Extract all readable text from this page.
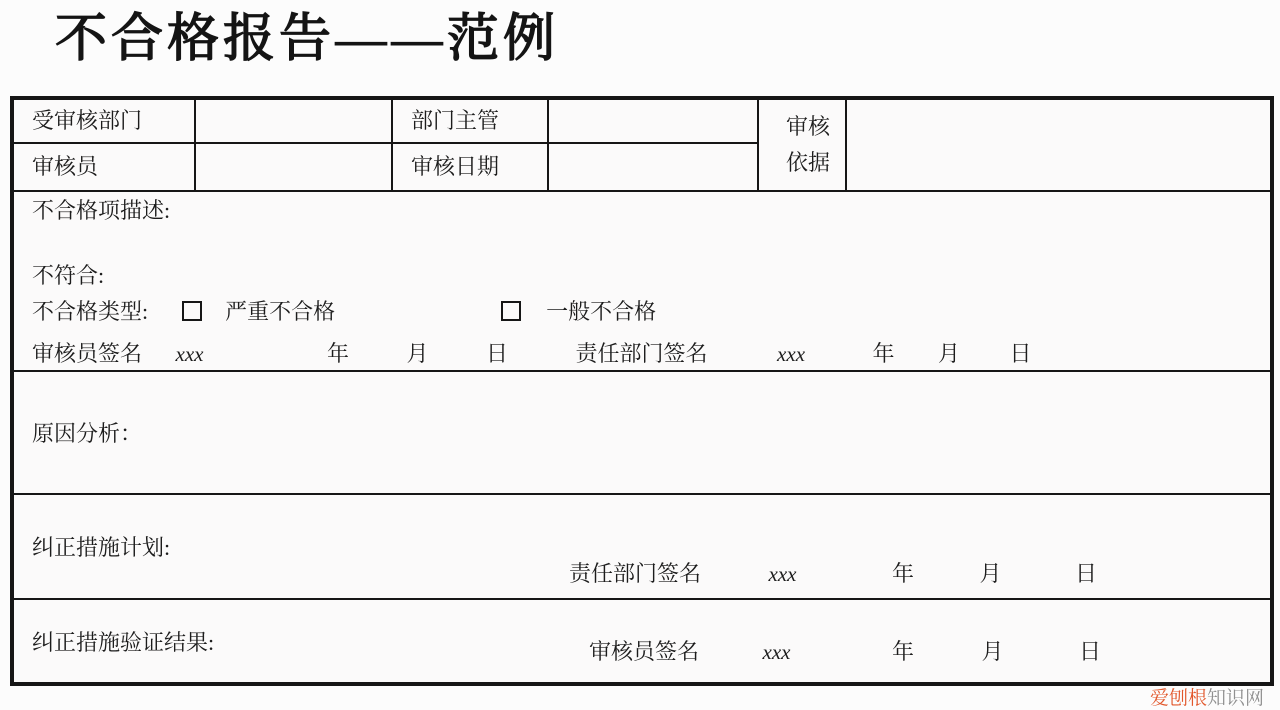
不合格报告——范例
受审核部门		部门主管		审核依据	
审核员		审核日期			

不合格项描述:
不符合:
不合格类型: 严重不合格 一般不合格
审核员签名 xxx 年 月 日 责任部门签名 xxx 年 月 日					

原因分析：					

纠正措施计划:
责任部门签名 xxx 年 月 日					

纠正措施验证结果: 审核员签名 xxx 年 月 日					
爱刨根知识网
